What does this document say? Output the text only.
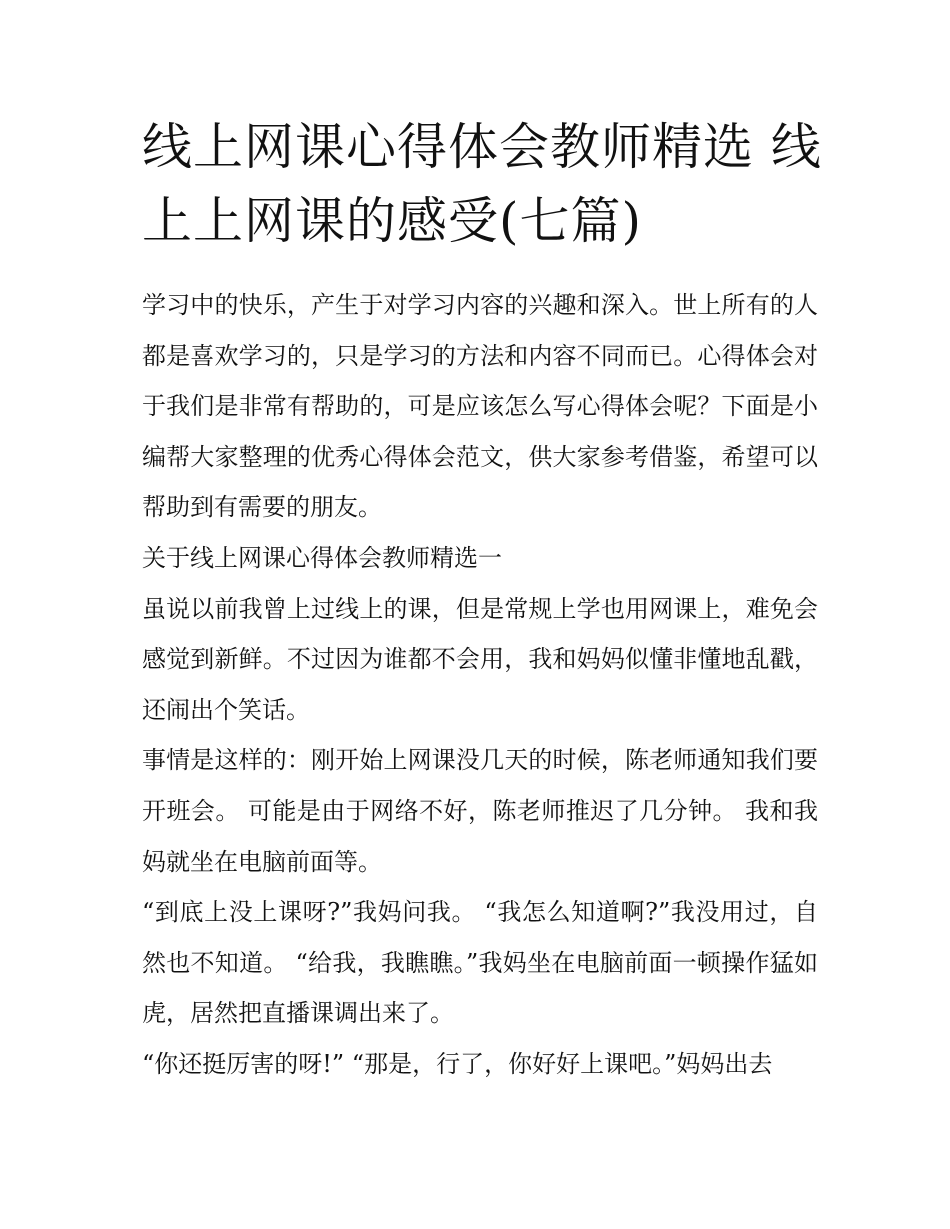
线上网课心得体会教师精选 线上上网课的感受(七篇)

学习中的快乐，产生于对学习内容的兴趣和深入。世上所有的人都是喜欢学习的，只是学习的方法和内容不同而已。心得体会对于我们是非常有帮助的，可是应该怎么写心得体会呢？下面是小编帮大家整理的优秀心得体会范文，供大家参考借鉴，希望可以帮助到有需要的朋友。

关于线上网课心得体会教师精选一

虽说以前我曾上过线上的课，但是常规上学也用网课上，难免会感觉到新鲜。不过因为谁都不会用，我和妈妈似懂非懂地乱戳，还闹出个笑话。

事情是这样的：刚开始上网课没几天的时候，陈老师通知我们要开班会。 可能是由于网络不好，陈老师推迟了几分钟。 我和我妈就坐在电脑前面等。

“到底上没上课呀?”我妈问我。 “我怎么知道啊?”我没用过，自然也不知道。 “给我，我瞧瞧。”我妈坐在电脑前面一顿操作猛如虎，居然把直播课调出来了。

“你还挺厉害的呀!” “那是，行了，你好好上课吧。”妈妈出去
